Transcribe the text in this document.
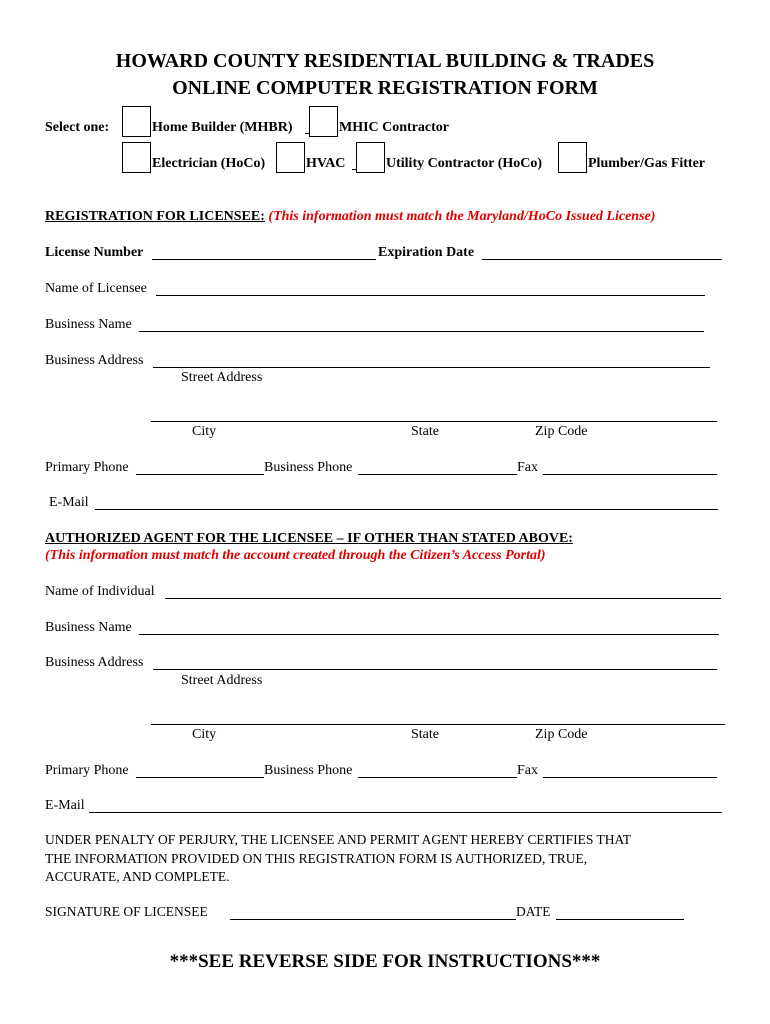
HOWARD COUNTY RESIDENTIAL BUILDING & TRADES
ONLINE COMPUTER REGISTRATION FORM
Select one:	Home Builder (MHBR)	MHIC Contractor
Electrician (HoCo)	HVAC	Utility Contractor (HoCo)	Plumber/Gas Fitter
REGISTRATION FOR LICENSEE: (This information must match the Maryland/HoCo Issued License)
License Number	Expiration Date
Name of Licensee
Business Name
Business Address
Street Address
City	State	Zip Code
Primary Phone	Business Phone	Fax
E-Mail
AUTHORIZED AGENT FOR THE LICENSEE – IF OTHER THAN STATED ABOVE:
(This information must match the account created through the Citizen’s Access Portal)
Name of Individual
Business Name
Business Address
Street Address
City	State	Zip Code
Primary Phone	Business Phone	Fax
E-Mail
UNDER PENALTY OF PERJURY, THE LICENSEE AND PERMIT AGENT HEREBY CERTIFIES THAT
THE INFORMATION PROVIDED ON THIS REGISTRATION FORM IS AUTHORIZED, TRUE,
ACCURATE, AND COMPLETE.
SIGNATURE OF LICENSEE	DATE
***SEE REVERSE SIDE FOR INSTRUCTIONS***
